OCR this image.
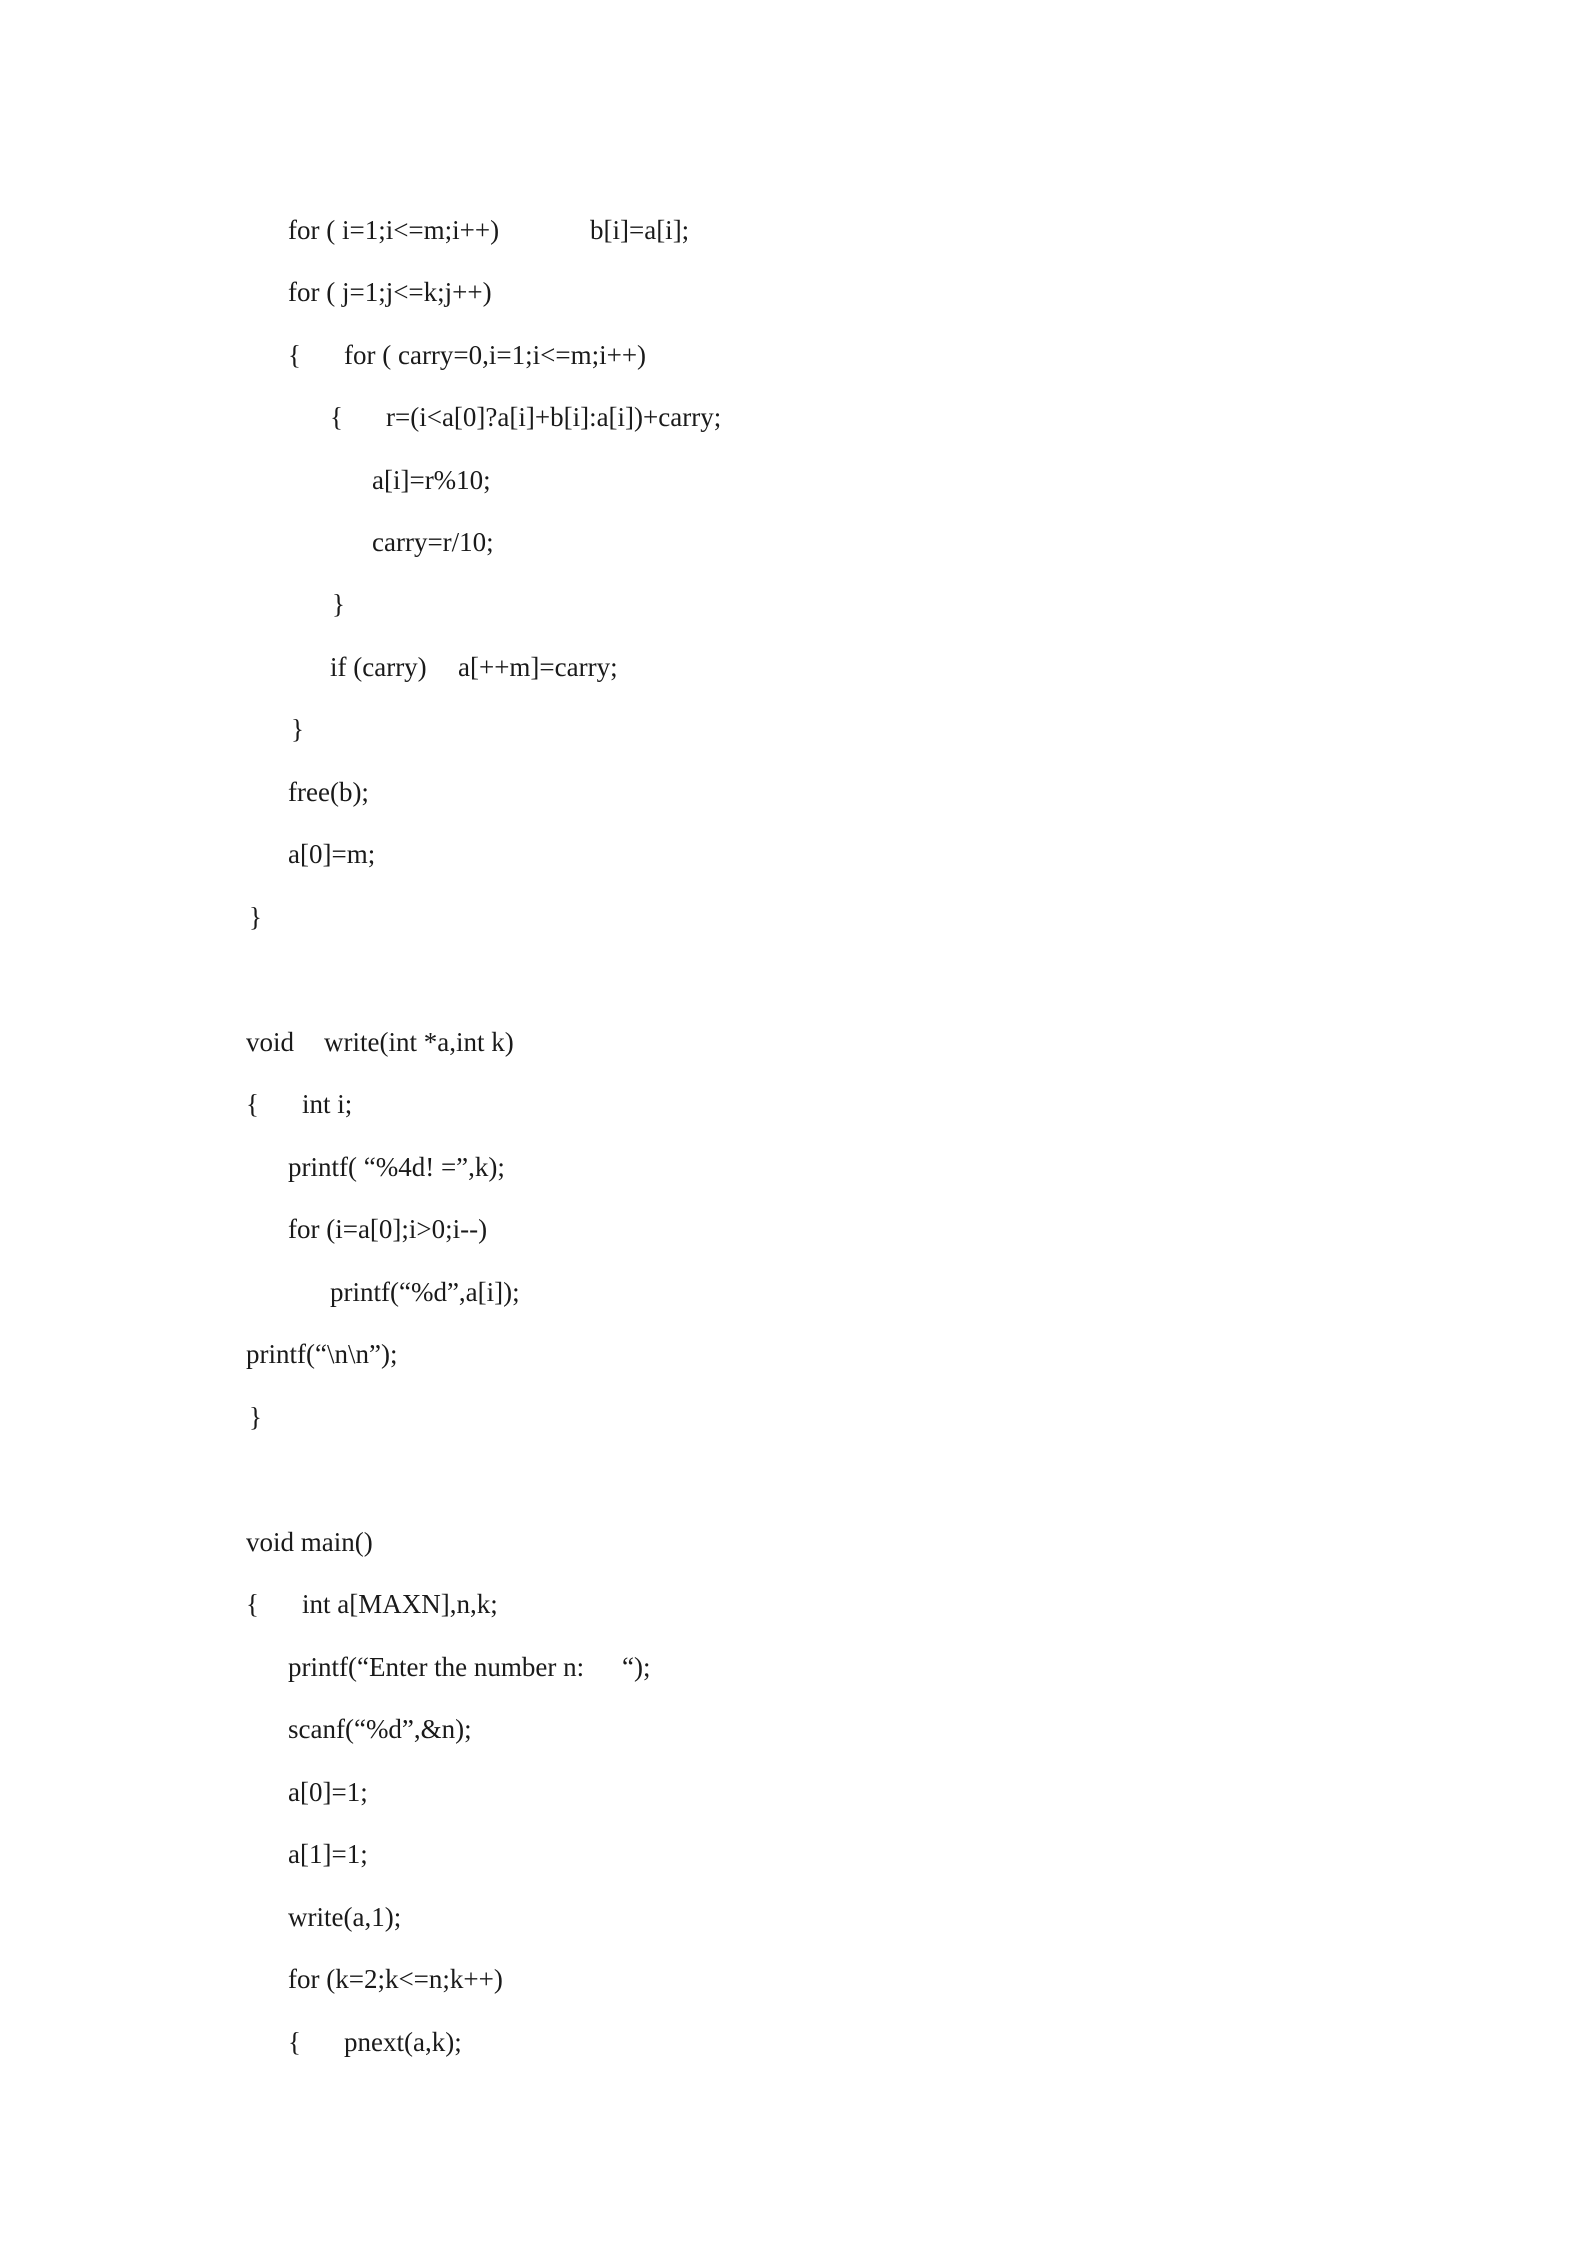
for ( i=1;i<=m;i++)	b[i]=a[i];
for ( j=1;j<=k;j++)
{ for ( carry=0,i=1;i<=m;i++)
{ r=(i<a[0]?a[i]+b[i]:a[i])+carry;
a[i]=r%10;
carry=r/10;
}
if (carry) a[++m]=carry;
}
free(b);
a[0]=m;
}
void write(int *a,int k)
{ int i;
printf( “%4d! =”,k);
for (i=a[0];i>0;i--)
printf(“%d”,a[i]);
printf(“\n\n”);
}
void main()
{ int a[MAXN],n,k;
printf(“Enter the number n: “);
scanf(“%d”,&n);
a[0]=1;
a[1]=1;
write(a,1);
for (k=2;k<=n;k++)
{ pnext(a,k);
